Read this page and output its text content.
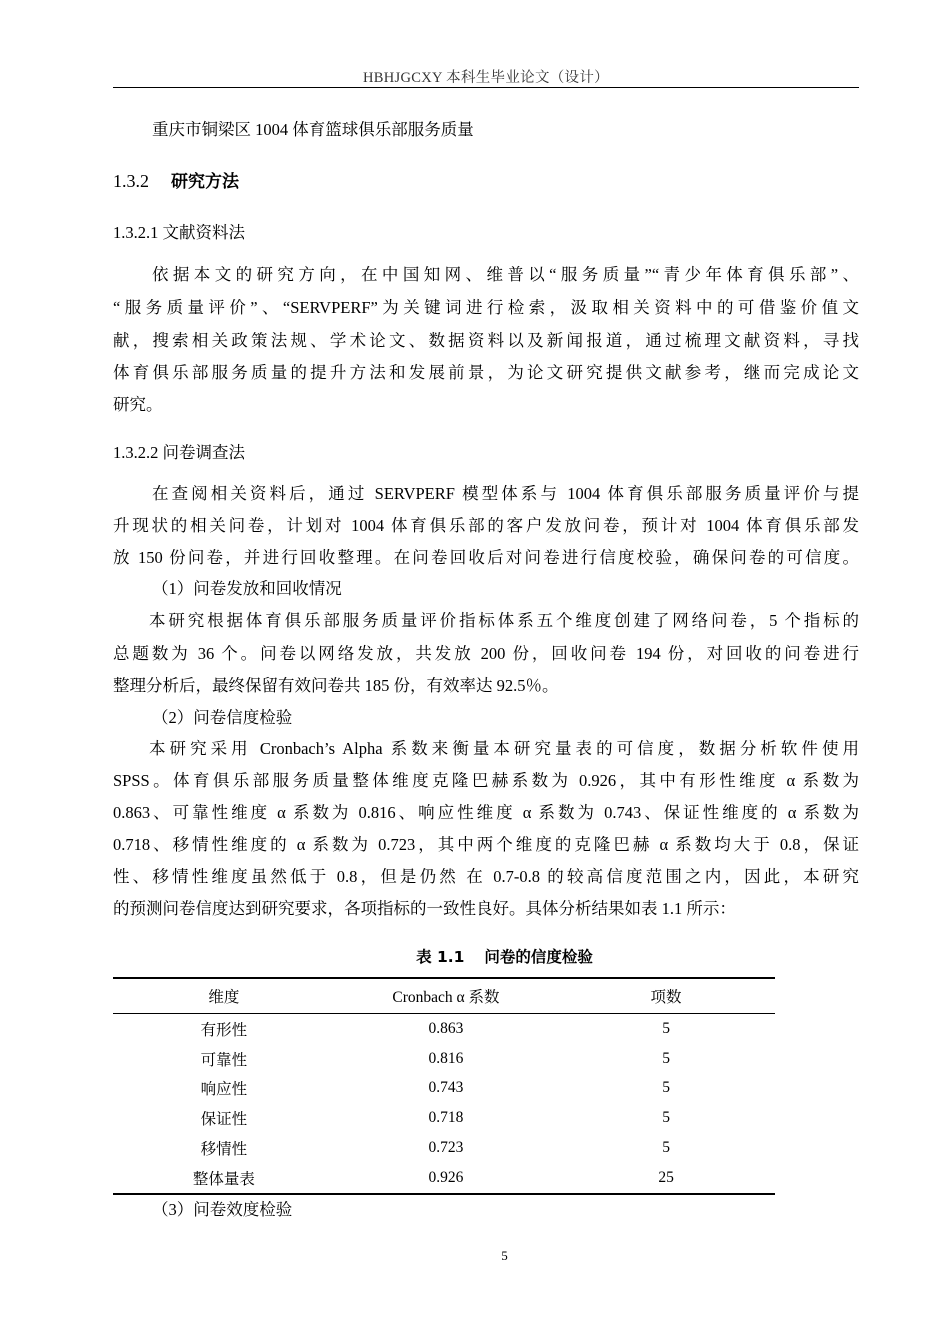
HBHJGCXY 本科生毕业论文（设计）
重庆市铜梁区 1004 体育篮球俱乐部服务质量
1.3.2 研究方法
1.3.2.1 文献资料法
依据本文的研究方向，在中国知网、维普以“服务质量”“青少年体育俱乐部”、
“服务质量评价”、“SERVPERF”为关键词进行检索，汲取相关资料中的可借鉴价值文
献，搜索相关政策法规、学术论文、数据资料以及新闻报道，通过梳理文献资料，寻找
体育俱乐部服务质量的提升方法和发展前景，为论文研究提供文献参考，继而完成论文
研究。
1.3.2.2 问卷调查法
在查阅相关资料后，通过 SERVPERF 模型体系与 1004 体育俱乐部服务质量评价与提
升现状的相关问卷，计划对 1004 体育俱乐部的客户发放问卷，预计对 1004 体育俱乐部发
放 150 份问卷，并进行回收整理。在问卷回收后对问卷进行信度校验，确保问卷的可信度。
（1）问卷发放和回收情况
本研究根据体育俱乐部服务质量评价指标体系五个维度创建了网络问卷，5 个指标的
总题数为 36 个。问卷以网络发放，共发放 200 份，回收问卷 194 份，对回收的问卷进行
整理分析后，最终保留有效问卷共 185 份，有效率达 92.5％。
（2）问卷信度检验
本研究采用 Cronbach’s Alpha 系数来衡量本研究量表的可信度，数据分析软件使用
SPSS。体育俱乐部服务质量整体维度克隆巴赫系数为 0.926，其中有形性维度 α 系数为
0.863、可靠性维度 α 系数为 0.816、响应性维度 α 系数为 0.743、保证性维度的 α 系数为
0.718、移情性维度的 α 系数为 0.723，其中两个维度的克隆巴赫 α 系数均大于 0.8，保证
性、移情性维度虽然低于 0.8，但是仍然 在 0.7-0.8 的较高信度范围之内，因此，本研究
的预测问卷信度达到研究要求，各项指标的一致性良好。具体分析结果如表 1.1 所示：
表 1.1 问卷的信度检验
维度	Cronbach α 系数	项数
有形性	0.863	5
可靠性	0.816	5
响应性	0.743	5
保证性	0.718	5
移情性	0.723	5
整体量表	0.926	25
（3）问卷效度检验
5
